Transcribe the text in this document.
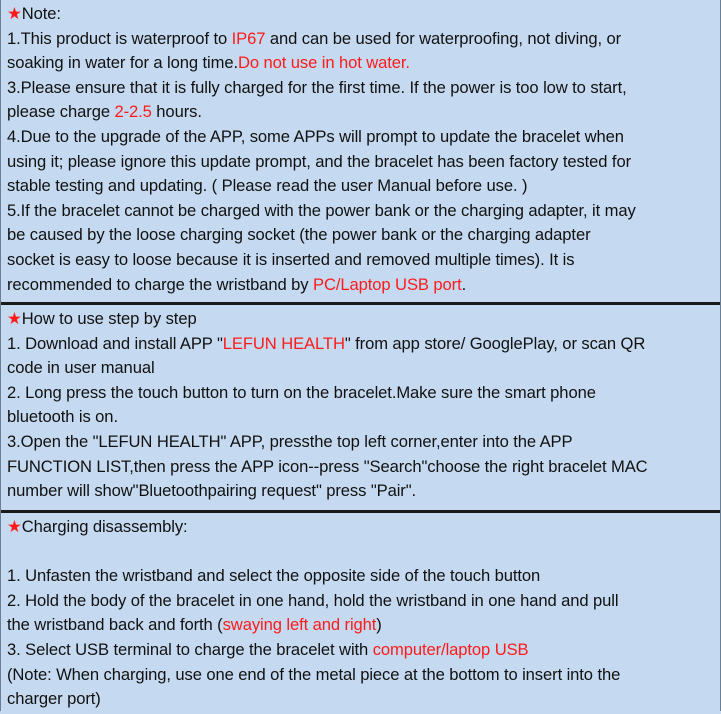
★Note:
1.This product is waterproof to IP67 and can be used for waterproofing, not diving, or
soaking in water for a long time.Do not use in hot water.
3.Please ensure that it is fully charged for the first time. If the power is too low to start,
please charge 2-2.5 hours.
4.Due to the upgrade of the APP, some APPs will prompt to update the bracelet when
using it; please ignore this update prompt, and the bracelet has been factory tested for
stable testing and updating. ( Please read the user Manual before use. )
5.If the bracelet cannot be charged with the power bank or the charging adapter, it may
be caused by the loose charging socket (the power bank or the charging adapter
socket is easy to loose because it is inserted and removed multiple times). It is
recommended to charge the wristband by PC/Laptop USB port.
★How to use step by step
1. Download and install APP "LEFUN HEALTH" from app store/ GooglePlay, or scan QR
code in user manual
2. Long press the touch button to turn on the bracelet.Make sure the smart phone
bluetooth is on.
3.Open the "LEFUN HEALTH" APP, pressthe top left corner,enter into the APP
FUNCTION LIST,then press the APP icon--press "Search"choose the right bracelet MAC
number will show"Bluetoothpairing request" press "Pair".
★Charging disassembly:
1. Unfasten the wristband and select the opposite side of the touch button
2. Hold the body of the bracelet in one hand, hold the wristband in one hand and pull
the wristband back and forth (swaying left and right)
3. Select USB terminal to charge the bracelet with computer/laptop USB
(Note: When charging, use one end of the metal piece at the bottom to insert into the
charger port)
